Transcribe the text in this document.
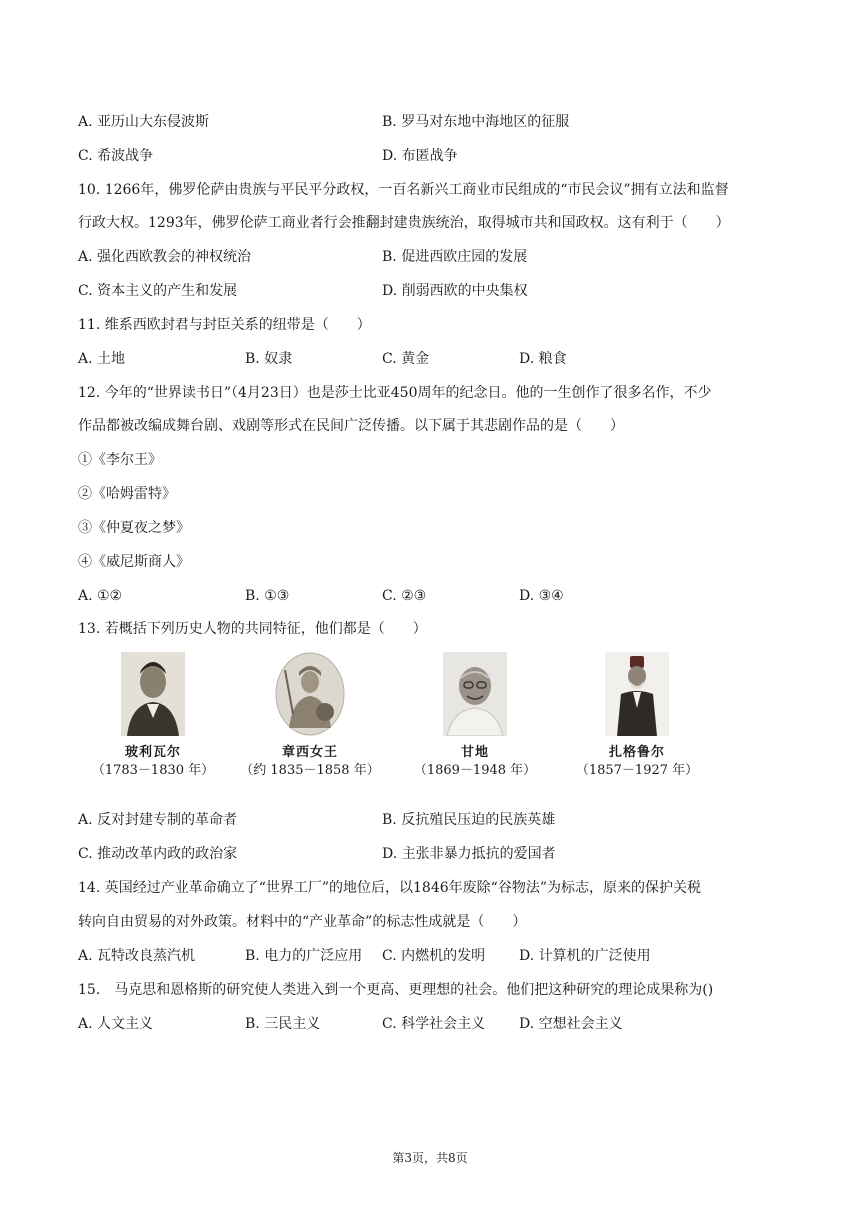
A. 亚历山大东侵波斯	B. 罗马对东地中海地区的征服
C. 希波战争	D. 布匿战争
10. 1266年，佛罗伦萨由贵族与平民平分政权，一百名新兴工商业市民组成的“市民会议”拥有立法和监督
行政大权。1293年，佛罗伦萨工商业者行会推翻封建贵族统治，取得城市共和国政权。这有利于（　　）
A. 强化西欧教会的神权统治	B. 促进西欧庄园的发展
C. 资本主义的产生和发展	D. 削弱西欧的中央集权
11. 维系西欧封君与封臣关系的纽带是（　　）
A. 土地	B. 奴隶	C. 黄金	D. 粮食
12. 今年的“世界读书日”（4月23日）也是莎士比亚450周年的纪念日。他的一生创作了很多名作，不少
作品都被改编成舞台剧、戏剧等形式在民间广泛传播。以下属于其悲剧作品的是（　　）
①《李尔王》
②《哈姆雷特》
③《仲夏夜之梦》
④《威尼斯商人》
A. ①②	B. ①③	C. ②③	D. ③④
13. 若概括下列历史人物的共同特征，他们都是（　　）
玻利瓦尔
（1783－1830 年）
章西女王
（约 1835－1858 年）
甘地
（1869－1948 年）
扎格鲁尔
（1857－1927 年）
A. 反对封建专制的革命者	B. 反抗殖民压迫的民族英雄
C. 推动改革内政的政治家	D. 主张非暴力抵抗的爱国者
14. 英国经过产业革命确立了“世界工厂”的地位后，以1846年废除“谷物法”为标志，原来的保护关税
转向自由贸易的对外政策。材料中的“产业革命”的标志性成就是（　　）
A. 瓦特改良蒸汽机	B. 电力的广泛应用 C. 内燃机的发明 D. 计算机的广泛使用
15.　马克思和恩格斯的研究使人类进入到一个更高、更理想的社会。他们把这种研究的理论成果称为()
A. 人文主义	B. 三民主义	C. 科学社会主义 D. 空想社会主义
第3页，共8页
